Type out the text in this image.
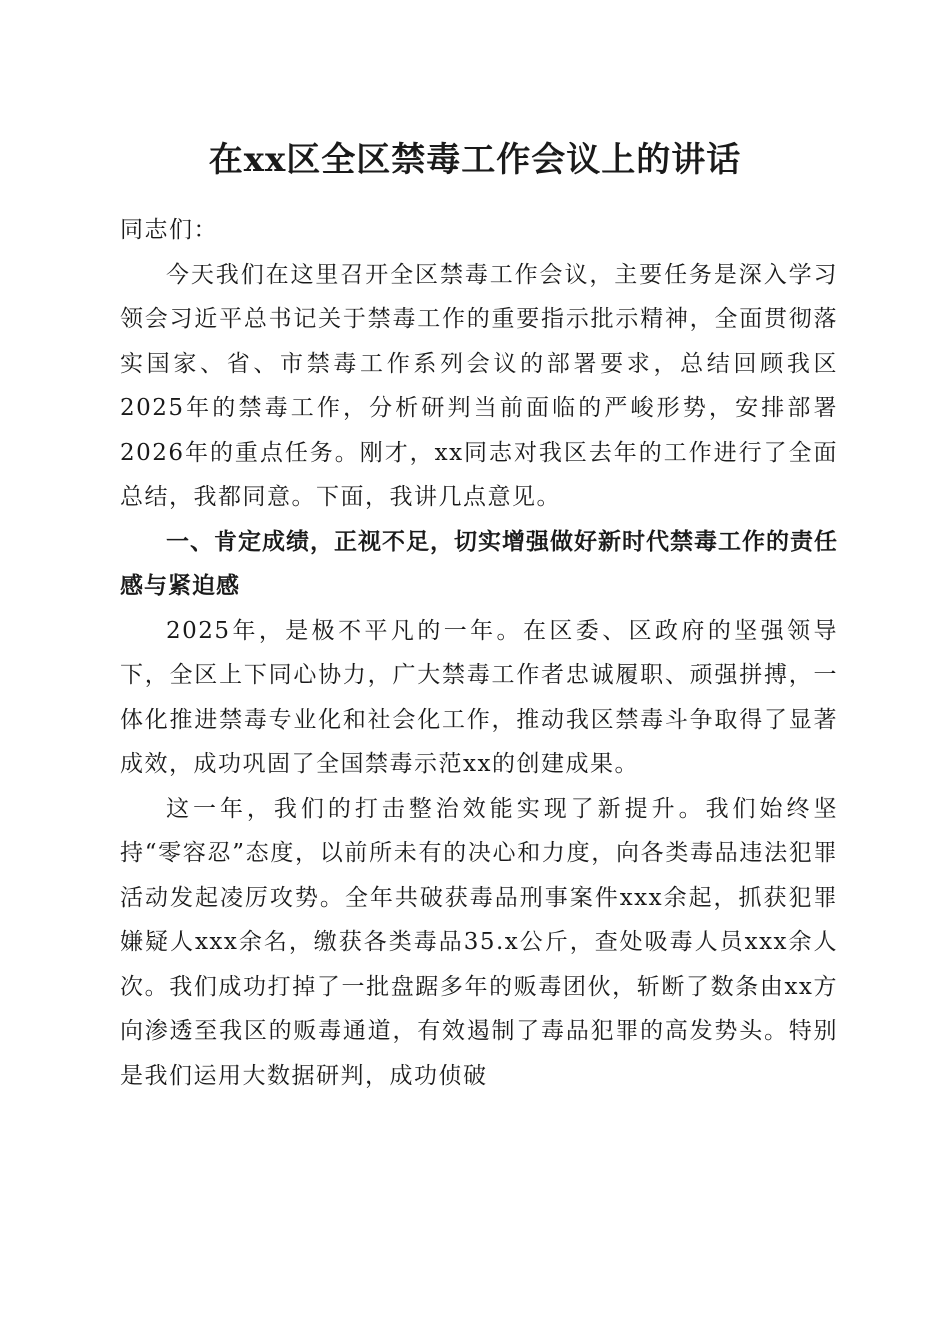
在xx区全区禁毒工作会议上的讲话

同志们：

今天我们在这里召开全区禁毒工作会议，主要任务是深入学习领会习近平总书记关于禁毒工作的重要指示批示精神，全面贯彻落实国家、省、市禁毒工作系列会议的部署要求，总结回顾我区2025年的禁毒工作，分析研判当前面临的严峻形势，安排部署2026年的重点任务。刚才，xx同志对我区去年的工作进行了全面总结，我都同意。下面，我讲几点意见。

一、肯定成绩，正视不足，切实增强做好新时代禁毒工作的责任感与紧迫感

2025年，是极不平凡的一年。在区委、区政府的坚强领导下，全区上下同心协力，广大禁毒工作者忠诚履职、顽强拼搏，一体化推进禁毒专业化和社会化工作，推动我区禁毒斗争取得了显著成效，成功巩固了全国禁毒示范xx的创建成果。

这一年，我们的打击整治效能实现了新提升。我们始终坚持“零容忍”态度，以前所未有的决心和力度，向各类毒品违法犯罪活动发起凌厉攻势。全年共破获毒品刑事案件xxx余起，抓获犯罪嫌疑人xxx余名，缴获各类毒品35.x公斤，查处吸毒人员xxx余人次。我们成功打掉了一批盘踞多年的贩毒团伙，斩断了数条由xx方向渗透至我区的贩毒通道，有效遏制了毒品犯罪的高发势头。特别是我们运用大数据研判，成功侦破
